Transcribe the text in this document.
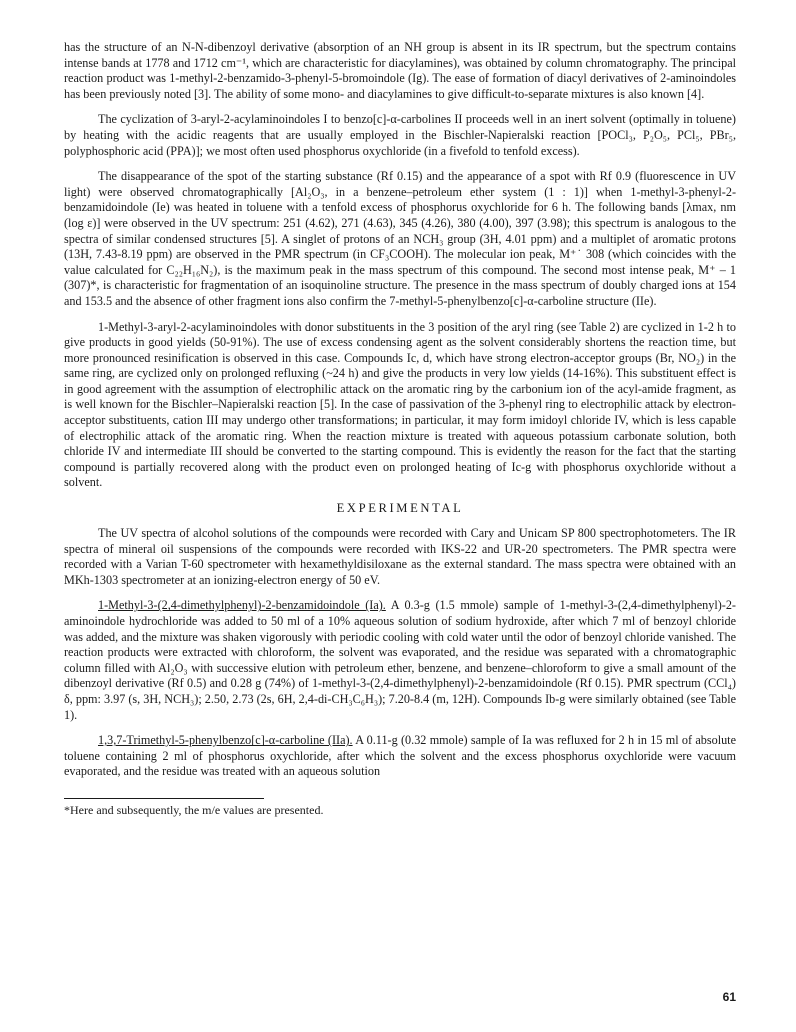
has the structure of an N-N-dibenzoyl derivative (absorption of an NH group is absent in its IR spectrum, but the spectrum contains intense bands at 1778 and 1712 cm⁻¹, which are characteristic for diacylamines), was obtained by column chromatography. The principal reaction product was 1-methyl-2-benzamido-3-phenyl-5-bromoindole (Ig). The ease of formation of diacyl derivatives of 2-aminoindoles has been previously noted [3]. The ability of some mono- and diacylamines to give difficult-to-separate mixtures is also known [4].

The cyclization of 3-aryl-2-acylaminoindoles I to benzo[c]-α-carbolines II proceeds well in an inert solvent (optimally in toluene) by heating with the acidic reagents that are usually employed in the Bischler-Napieralski reaction [POCl₃, P₂O₅, PCl₅, PBr₅, polyphosphoric acid (PPA)]; we most often used phosphorus oxychloride (in a fivefold to tenfold excess).

The disappearance of the spot of the starting substance (Rf 0.15) and the appearance of a spot with Rf 0.9 (fluorescence in UV light) were observed chromatographically [Al₂O₃, in a benzene–petroleum ether system (1 : 1)] when 1-methyl-3-phenyl-2-benzamidoindole (Ie) was heated in toluene with a tenfold excess of phosphorus oxychloride for 6 h. The following bands [λmax, nm (log ε)] were observed in the UV spectrum: 251 (4.62), 271 (4.63), 345 (4.26), 380 (4.00), 397 (3.98); this spectrum is analogous to the spectra of similar condensed structures [5]. A singlet of protons of an NCH₃ group (3H, 4.01 ppm) and a multiplet of aromatic protons (13H, 7.43-8.19 ppm) are observed in the PMR spectrum (in CF₃COOH). The molecular ion peak, M⁺˙ 308 (which coincides with the value calculated for C₂₂H₁₆N₂), is the maximum peak in the mass spectrum of this compound. The second most intense peak, M⁺ – 1 (307)*, is characteristic for fragmentation of an isoquinoline structure. The presence in the mass spectrum of doubly charged ions at 154 and 153.5 and the absence of other fragment ions also confirm the 7-methyl-5-phenylbenzo[c]-α-carboline structure (IIe).

1-Methyl-3-aryl-2-acylaminoindoles with donor substituents in the 3 position of the aryl ring (see Table 2) are cyclized in 1-2 h to give products in good yields (50-91%). The use of excess condensing agent as the solvent considerably shortens the reaction time, but more pronounced resinification is observed in this case. Compounds Ic, d, which have strong electron-acceptor groups (Br, NO₂) in the same ring, are cyclized only on prolonged refluxing (~24 h) and give the products in very low yields (14-16%). This substituent effect is in good agreement with the assumption of electrophilic attack on the aromatic ring by the carbonium ion of the acyl-amide fragment, as is well known for the Bischler–Napieralski reaction [5]. In the case of passivation of the 3-phenyl ring to electrophilic attack by electron-acceptor substituents, cation III may undergo other transformations; in particular, it may form imidoyl chloride IV, which is less capable of electrophilic attack of the aromatic ring. When the reaction mixture is treated with aqueous potassium carbonate solution, both chloride IV and intermediate III should be converted to the starting compound. This is evidently the reason for the fact that the starting compound is partially recovered along with the product even on prolonged heating of Ic-g with phosphorus oxychloride without a solvent.

EXPERIMENTAL

The UV spectra of alcohol solutions of the compounds were recorded with Cary and Unicam SP 800 spectrophotometers. The IR spectra of mineral oil suspensions of the compounds were recorded with IKS-22 and UR-20 spectrometers. The PMR spectra were recorded with a Varian T-60 spectrometer with hexamethyldisiloxane as the external standard. The mass spectra were obtained with an MKh-1303 spectrometer at an ionizing-electron energy of 50 eV.

1-Methyl-3-(2,4-dimethylphenyl)-2-benzamidoindole (Ia). A 0.3-g (1.5 mmole) sample of 1-methyl-3-(2,4-dimethylphenyl)-2-aminoindole hydrochloride was added to 50 ml of a 10% aqueous solution of sodium hydroxide, after which 7 ml of benzoyl chloride was added, and the mixture was shaken vigorously with periodic cooling with cold water until the odor of benzoyl chloride vanished. The reaction products were extracted with chloroform, the solvent was evaporated, and the residue was separated with a chromatographic column filled with Al₂O₃ with successive elution with petroleum ether, benzene, and benzene–chloroform to give a small amount of the dibenzoyl derivative (Rf 0.5) and 0.28 g (74%) of 1-methyl-3-(2,4-dimethylphenyl)-2-benzamidoindole (Rf 0.15). PMR spectrum (CCl₄) δ, ppm: 3.97 (s, 3H, NCH₃); 2.50, 2.73 (2s, 6H, 2,4-di-CH₃C₆H₃); 7.20-8.4 (m, 12H). Compounds Ib-g were similarly obtained (see Table 1).

1,3,7-Trimethyl-5-phenylbenzo[c]-α-carboline (IIa). A 0.11-g (0.32 mmole) sample of Ia was refluxed for 2 h in 15 ml of absolute toluene containing 2 ml of phosphorus oxychloride, after which the solvent and the excess phosphorus oxychloride were vacuum evaporated, and the residue was treated with an aqueous solution

*Here and subsequently, the m/e values are presented.
61
